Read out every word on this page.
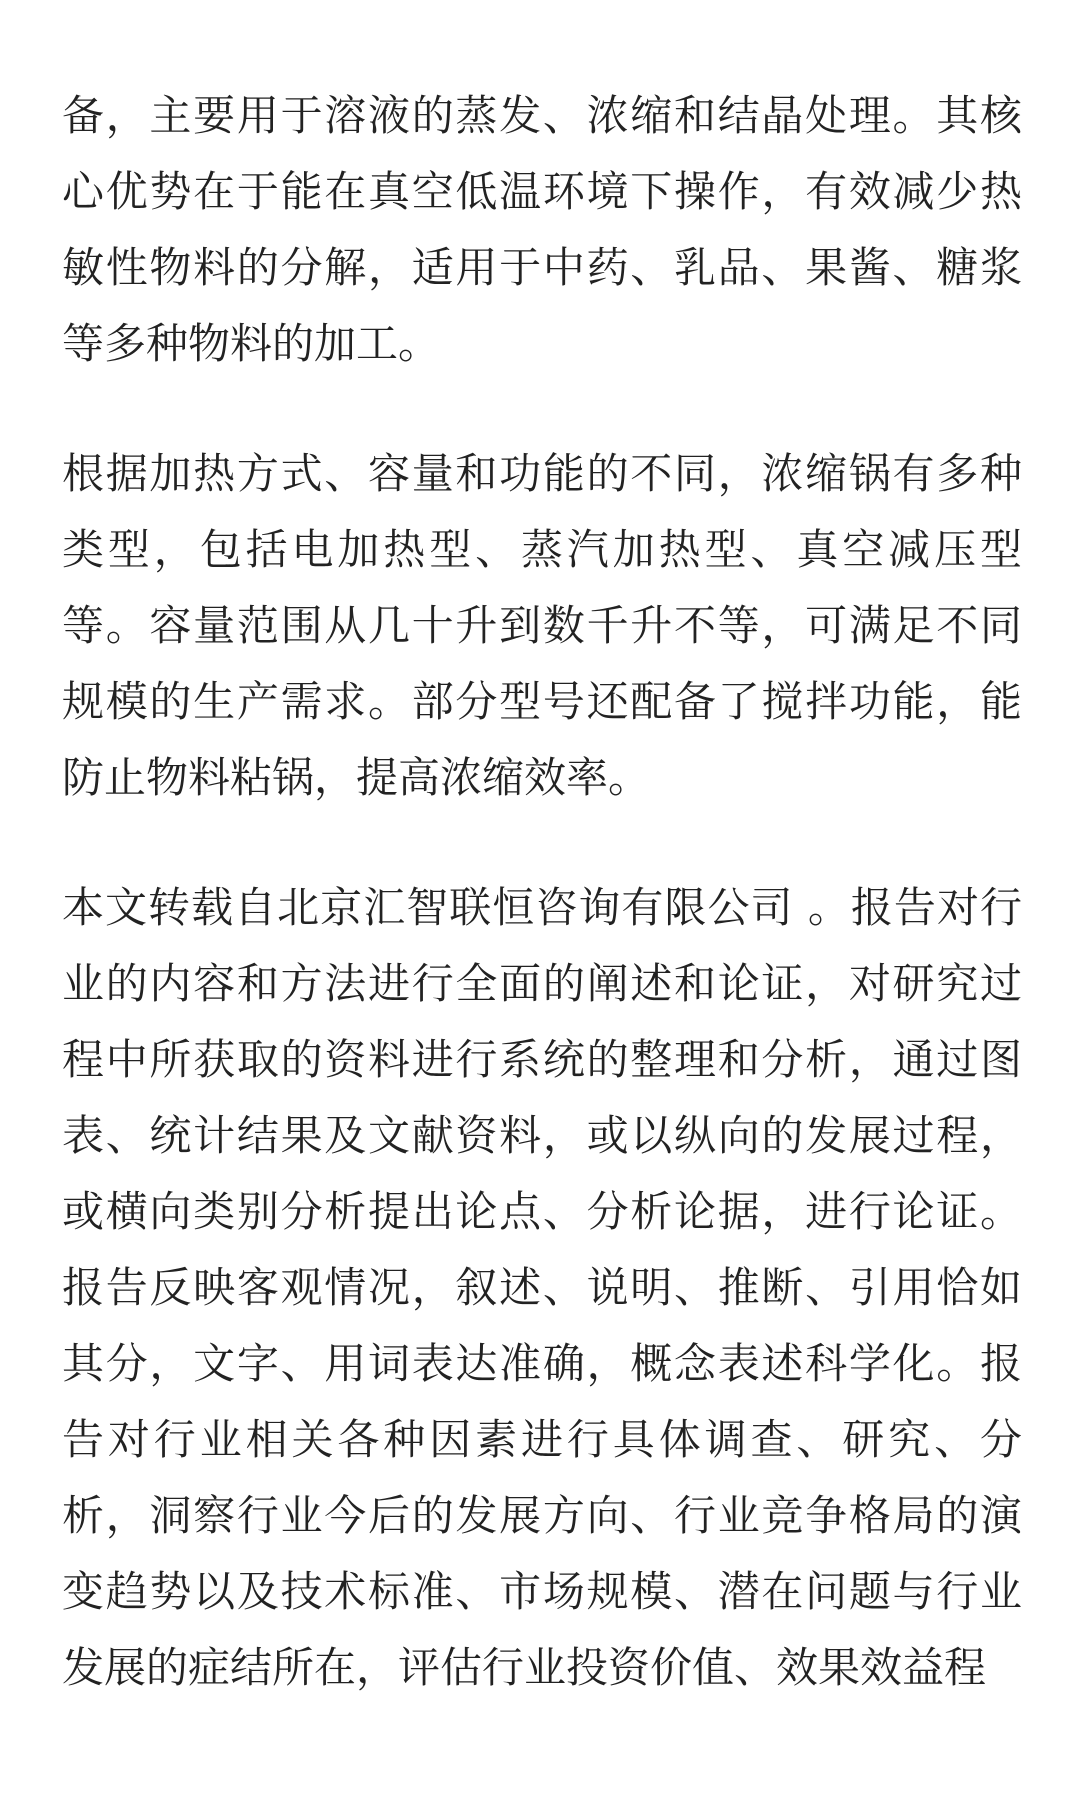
备，主要用于溶液的蒸发、浓缩和结晶处理。其核
心优势在于能在真空低温环境下操作，有效减少热
敏性物料的分解，适用于中药、乳品、果酱、糖浆
等多种物料的加工。
根据加热方式、容量和功能的不同，浓缩锅有多种
类型，包括电加热型、蒸汽加热型、真空减压型
等。容量范围从几十升到数千升不等，可满足不同
规模的生产需求。部分型号还配备了搅拌功能，能
防止物料粘锅，提高浓缩效率。
本文转载自北京汇智联恒咨询有限公司 。报告对行
业的内容和方法进行全面的阐述和论证，对研究过
程中所获取的资料进行系统的整理和分析，通过图
表、统计结果及文献资料，或以纵向的发展过程，
或横向类别分析提出论点、分析论据，进行论证。
报告反映客观情况，叙述、说明、推断、引用恰如
其分，文字、用词表达准确，概念表述科学化。报
告对行业相关各种因素进行具体调查、研究、分
析，洞察行业今后的发展方向、行业竞争格局的演
变趋势以及技术标准、市场规模、潜在问题与行业
发展的症结所在，评估行业投资价值、效果效益程
